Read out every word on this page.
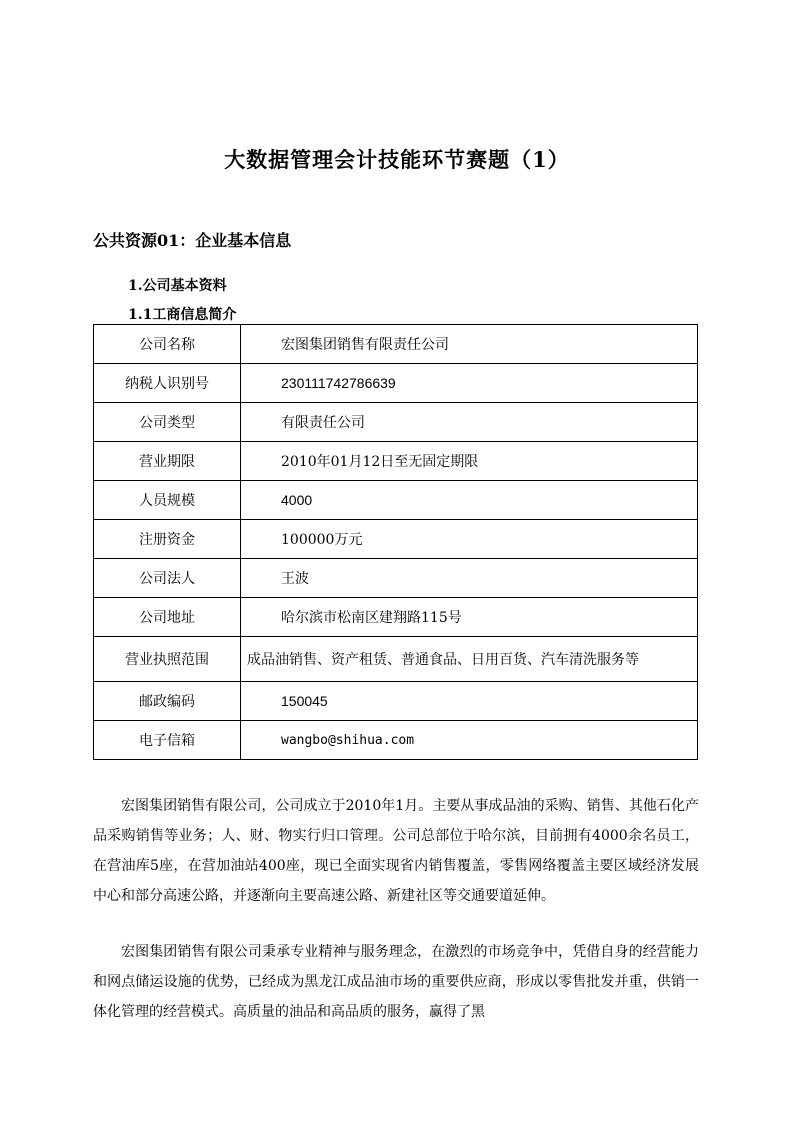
大数据管理会计技能环节赛题（1）
公共资源01：企业基本信息
1.公司基本资料
1.1工商信息简介
公司名称	宏图集团销售有限责任公司
纳税人识别号	230111742786639
公司类型	有限责任公司
营业期限	2010年01月12日至无固定期限
人员规模	4000
注册资金	100000万元
公司法人	王波
公司地址	哈尔滨市松南区建翔路115号
营业执照范围	成品油销售、资产租赁、普通食品、日用百货、汽车清洗服务等
邮政编码	150045
电子信箱	wangbo@shihua.com

宏图集团销售有限公司，公司成立于2010年1月。主要从事成品油的采购、销售、其他石化产品采购销售等业务；人、财、物实行归口管理。公司总部位于哈尔滨，目前拥有4000余名员工，在营油库5座，在营加油站400座，现已全面实现省内销售覆盖，零售网络覆盖主要区域经济发展中心和部分高速公路，并逐渐向主要高速公路、新建社区等交通要道延伸。

宏图集团销售有限公司秉承专业精神与服务理念，在激烈的市场竞争中，凭借自身的经营能力和网点储运设施的优势，已经成为黑龙江成品油市场的重要供应商，形成以零售批发并重，供销一体化管理的经营模式。高质量的油品和高品质的服务，赢得了黑
